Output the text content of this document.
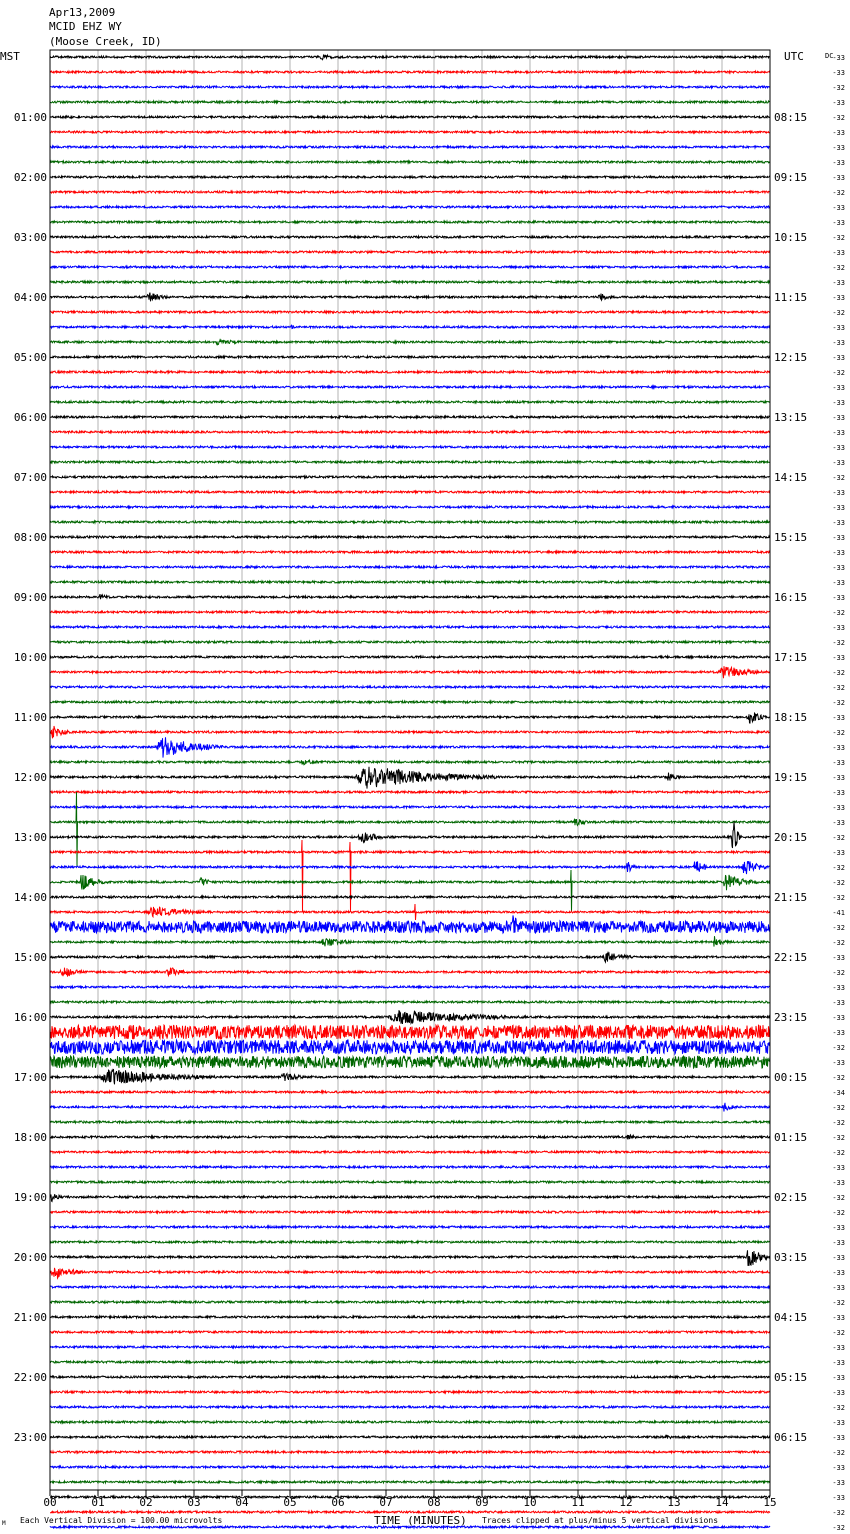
Apr13,2009
MCID EHZ WY
(Moose Creek, ID)
MST	UTC	DC
01:00
02:00
03:00
04:00
05:00
06:00
07:00
08:00
09:00
10:00
11:00
12:00
13:00
14:00
15:00
16:00
17:00
18:00
19:00
20:00
21:00
22:00
23:00
08:15
09:15
10:15
11:15
12:15
13:15
14:15
15:15
16:15
17:15
18:15
19:15
20:15
21:15
22:15
23:15
00:15
01:15
02:15
03:15
04:15
05:15
06:15
-33
-33
-32
-33
-32
-33
-33
-33
-33
-32
-33
-33
-32
-33
-32
-33
-33
-32
-33
-33
-33
-32
-33
-33
-33
-33
-33
-33
-32
-33
-33
-33
-33
-33
-33
-33
-33
-32
-33
-32
-33
-32
-32
-32
-33
-32
-33
-33
-33
-33
-33
-33
-32
-33
-32
-32
-32
-41
-32
-32
-33
-32
-33
-33
-33
-33
-32
-33
-32
-34
-32
-32
-32
-32
-33
-33
-32
-32
-33
-33
-33
-33
-33
-32
-33
-32
-33
-33
-33
-33
-32
-33
-33
-32
-33
-33
-33
-32
-32
00	01	02	03	04	05	06	07	08	09	10	11	12	13	14	15
M Each Vertical Division = 100.00 microvolts	TIME (MINUTES) Traces clipped at plus/minus 5 vertical divisions
